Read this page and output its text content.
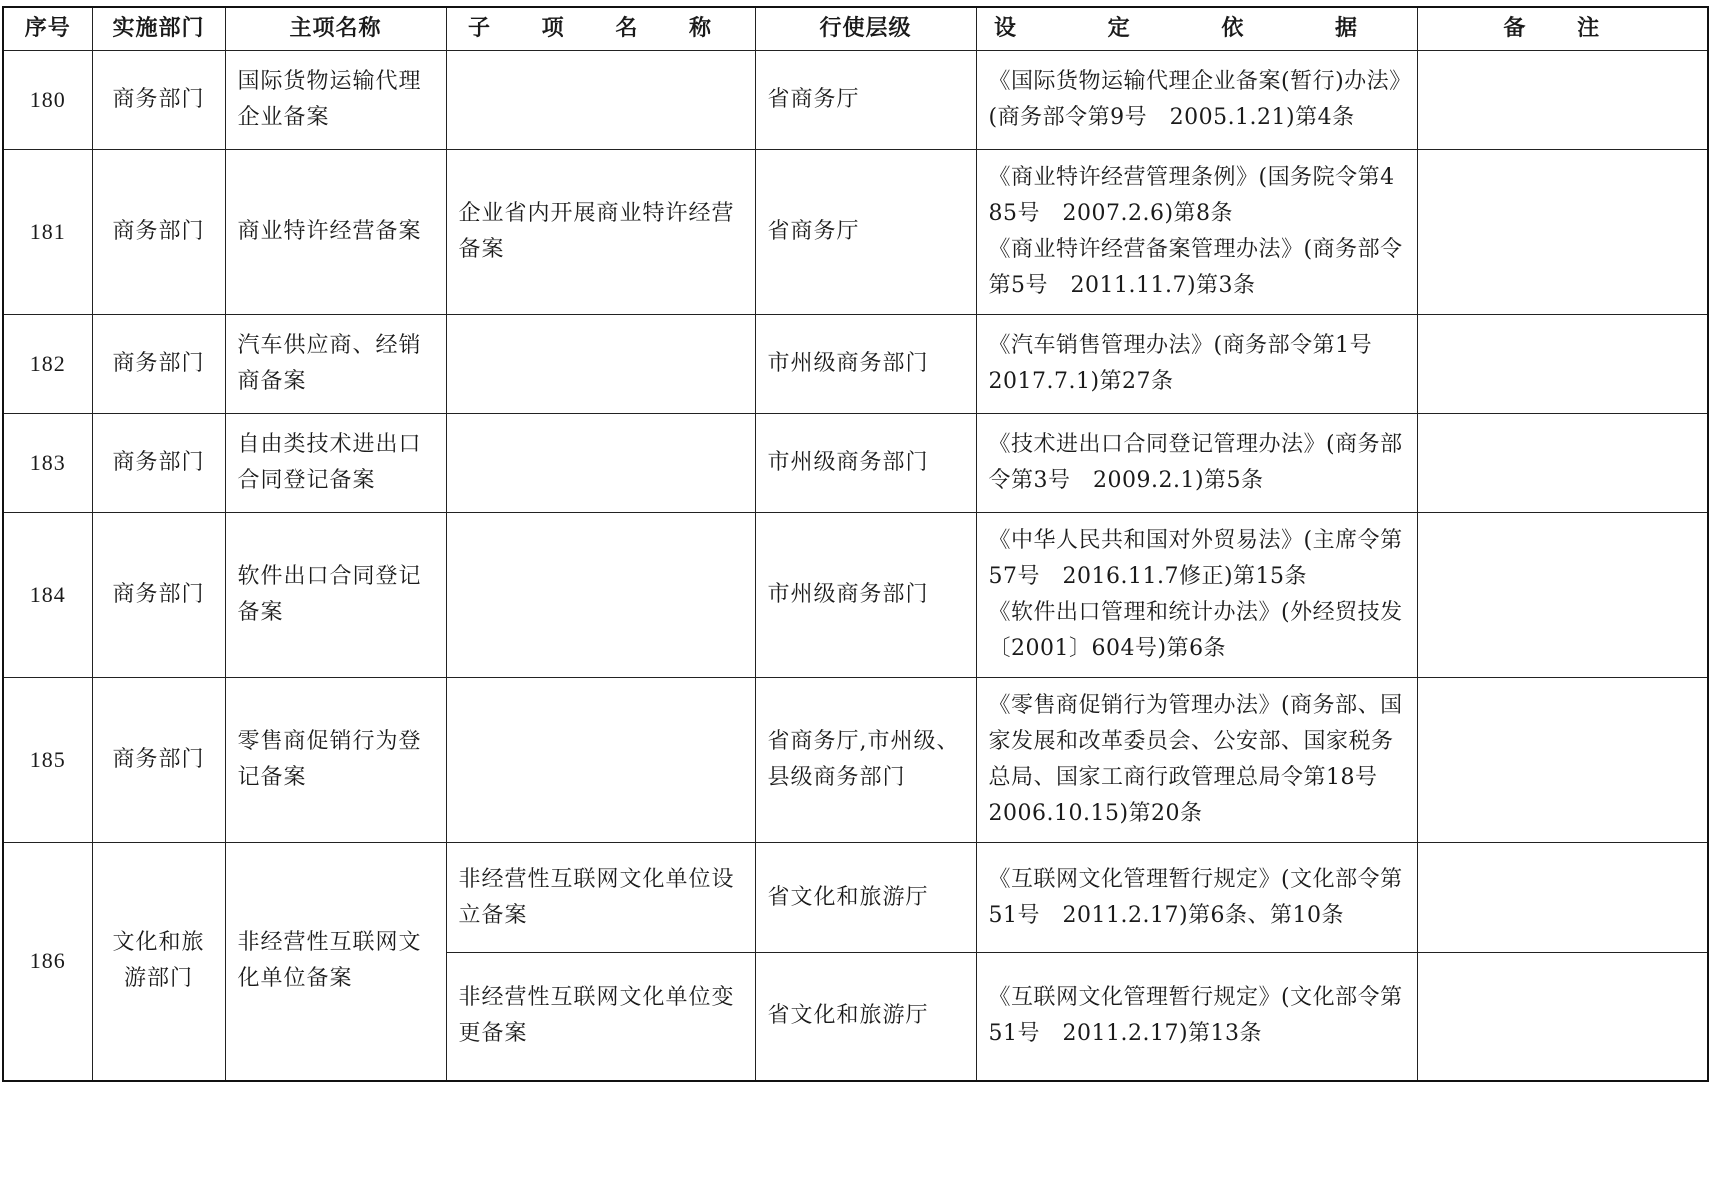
序号	实施部门	主项名称	子 项 名 称	行使层级	设 定 依 据	备 注
180	商务部门	国际货物运输代理企业备案		省商务厅	《国际货物运输代理企业备案(暂行)办法》(商务部令第9号　2005.1.21)第4条	
181	商务部门	商业特许经营备案	企业省内开展商业特许经营备案	省商务厅	《商业特许经营管理条例》(国务院令第485号　2007.2.6)第8条
《商业特许经营备案管理办法》(商务部令第5号　2011.11.7)第3条	
182	商务部门	汽车供应商、经销商备案		市州级商务部门	《汽车销售管理办法》(商务部令第1号　2017.7.1)第27条	
183	商务部门	自由类技术进出口合同登记备案		市州级商务部门	《技术进出口合同登记管理办法》(商务部令第3号　2009.2.1)第5条	
184	商务部门	软件出口合同登记备案		市州级商务部门	《中华人民共和国对外贸易法》(主席令第57号　2016.11.7修正)第15条
《软件出口管理和统计办法》(外经贸技发〔2001〕604号)第6条	
185	商务部门	零售商促销行为登记备案		省商务厅,市州级、县级商务部门	《零售商促销行为管理办法》(商务部、国家发展和改革委员会、公安部、国家税务总局、国家工商行政管理总局令第18号　2006.10.15)第20条	
186	文化和旅游部门	非经营性互联网文化单位备案	非经营性互联网文化单位设立备案	省文化和旅游厅	《互联网文化管理暂行规定》(文化部令第51号　2011.2.17)第6条、第10条	
			非经营性互联网文化单位变更备案	省文化和旅游厅	《互联网文化管理暂行规定》(文化部令第51号　2011.2.17)第13条	
